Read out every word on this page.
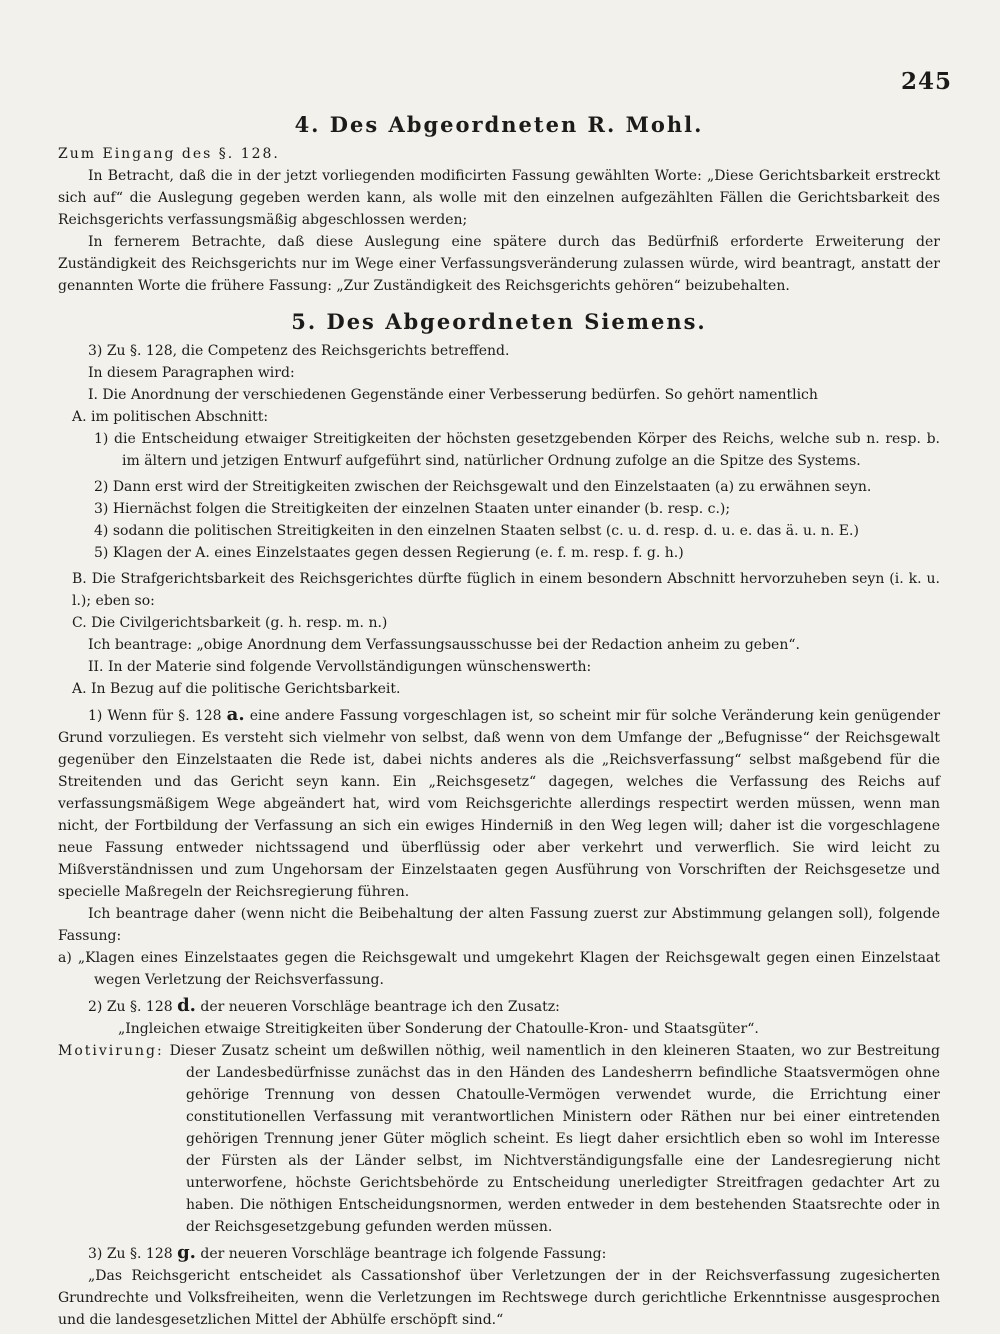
245
4. Des Abgeordneten R. Mohl.

Zum Eingang des §. 128.

In Betracht, daß die in der jetzt vorliegenden modificirten Fassung gewählten Worte: „Diese Gerichtsbarkeit erstreckt sich auf“ die Auslegung gegeben werden kann, als wolle mit den einzelnen aufgezählten Fällen die Gerichtsbarkeit des Reichsgerichts verfassungsmäßig abgeschlossen werden;

In fernerem Betrachte, daß diese Auslegung eine spätere durch das Bedürfniß erforderte Erweiterung der Zuständigkeit des Reichsgerichts nur im Wege einer Verfassungsveränderung zulassen würde, wird beantragt, anstatt der genannten Worte die frühere Fassung: „Zur Zuständigkeit des Reichsgerichts gehören“ beizubehalten.

5. Des Abgeordneten Siemens.

3) Zu §. 128, die Competenz des Reichsgerichts betreffend.

In diesem Paragraphen wird:

I. Die Anordnung der verschiedenen Gegenstände einer Verbesserung bedürfen. So gehört namentlich

A. im politischen Abschnitt:

1) die Entscheidung etwaiger Streitigkeiten der höchsten gesetzgebenden Körper des Reichs, welche sub n. resp. b. im ältern und jetzigen Entwurf aufgeführt sind, natürlicher Ordnung zufolge an die Spitze des Systems.

2) Dann erst wird der Streitigkeiten zwischen der Reichsgewalt und den Einzelstaaten (a) zu erwähnen seyn.

3) Hiernächst folgen die Streitigkeiten der einzelnen Staaten unter einander (b. resp. c.);

4) sodann die politischen Streitigkeiten in den einzelnen Staaten selbst (c. u. d. resp. d. u. e. das ä. u. n. E.)

5) Klagen der A. eines Einzelstaates gegen dessen Regierung (e. f. m. resp. f. g. h.)

B. Die Strafgerichtsbarkeit des Reichsgerichtes dürfte füglich in einem besondern Abschnitt hervorzuheben seyn (i. k. u. l.); eben so:

C. Die Civilgerichtsbarkeit (g. h. resp. m. n.)

Ich beantrage: „obige Anordnung dem Verfassungsausschusse bei der Redaction anheim zu geben“.

II. In der Materie sind folgende Vervollständigungen wünschenswerth:

A. In Bezug auf die politische Gerichtsbarkeit.

1) Wenn für §. 128 a. eine andere Fassung vorgeschlagen ist, so scheint mir für solche Veränderung kein genügender Grund vorzuliegen. Es versteht sich vielmehr von selbst, daß wenn von dem Umfange der „Befugnisse“ der Reichsgewalt gegenüber den Einzelstaaten die Rede ist, dabei nichts anderes als die „Reichsverfassung“ selbst maßgebend für die Streitenden und das Gericht seyn kann. Ein „Reichsgesetz“ dagegen, welches die Verfassung des Reichs auf verfassungsmäßigem Wege abgeändert hat, wird vom Reichsgerichte allerdings respectirt werden müssen, wenn man nicht, der Fortbildung der Verfassung an sich ein ewiges Hinderniß in den Weg legen will; daher ist die vorgeschlagene neue Fassung entweder nichtssagend und überflüssig oder aber verkehrt und verwerflich. Sie wird leicht zu Mißverständnissen und zum Ungehorsam der Einzelstaaten gegen Ausführung von Vorschriften der Reichsgesetze und specielle Maßregeln der Reichsregierung führen.

Ich beantrage daher (wenn nicht die Beibehaltung der alten Fassung zuerst zur Abstimmung gelangen soll), folgende Fassung:

a) „Klagen eines Einzelstaates gegen die Reichsgewalt und umgekehrt Klagen der Reichsgewalt gegen einen Einzelstaat wegen Verletzung der Reichsverfassung.

2) Zu §. 128 d. der neueren Vorschläge beantrage ich den Zusatz:

„Ingleichen etwaige Streitigkeiten über Sonderung der Chatoulle-Kron- und Staatsgüter“.

Motivirung: Dieser Zusatz scheint um deßwillen nöthig, weil namentlich in den kleineren Staaten, wo zur Bestreitung der Landesbedürfnisse zunächst das in den Händen des Landesherrn befindliche Staatsvermögen ohne gehörige Trennung von dessen Chatoulle-Vermögen verwendet wurde, die Errichtung einer constitutionellen Verfassung mit verantwortlichen Ministern oder Räthen nur bei einer eintretenden gehörigen Trennung jener Güter möglich scheint. Es liegt daher ersichtlich eben so wohl im Interesse der Fürsten als der Länder selbst, im Nichtverständigungsfalle eine der Landesregierung nicht unterworfene, höchste Gerichtsbehörde zu Entscheidung unerledigter Streitfragen gedachter Art zu haben. Die nöthigen Entscheidungsnormen, werden entweder in dem bestehenden Staatsrechte oder in der Reichsgesetzgebung gefunden werden müssen.

3) Zu §. 128 g. der neueren Vorschläge beantrage ich folgende Fassung:

„Das Reichsgericht entscheidet als Cassationshof über Verletzungen der in der Reichsverfassung zugesicherten Grundrechte und Volksfreiheiten, wenn die Verletzungen im Rechtswege durch gerichtliche Erkenntnisse ausgesprochen und die landesgesetzlichen Mittel der Abhülfe erschöpft sind.“
